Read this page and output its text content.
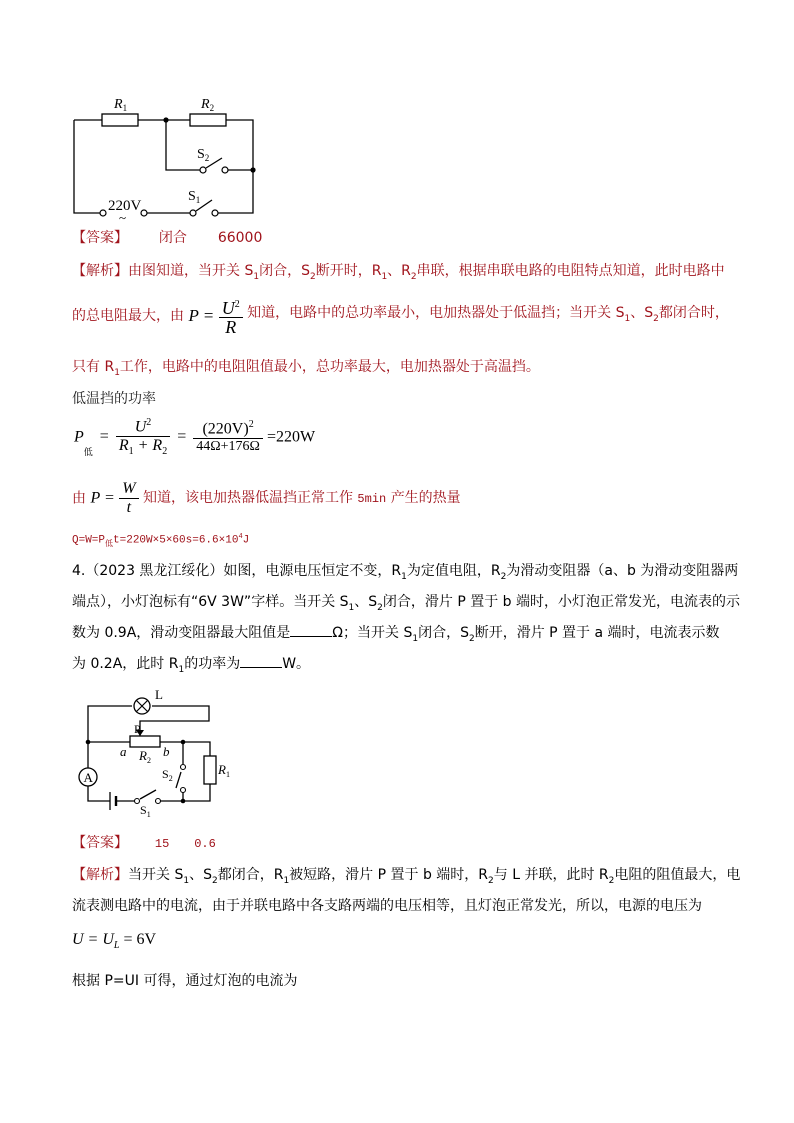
$R_1$	$R_2$
$S_2$
$S_1$
220V
~
【答案】 闭合 66000
【解析】由图知道，当开关 $S_1$闭合，$S_2$断开时，$R_1$、$R_2$串联，根据串联电路的电阻特点知道，此时电路中
的总电阻最大，由 $P = \frac{U^2}{R}$ 知道，电路中的总功率最小，电加热器处于低温挡；当开关 $S_1$、$S_2$都闭合时，
只有 $R_1$工作，电路中的电阻阻值最小，总功率最大，电加热器处于高温挡。
低温挡的功率
$P_低 = \frac{U^2}{R_1 + R_2} = \frac{(220V)^2}{44\Omega+176\Omega} =220W$
由 $P = \frac{W}{t}$ 知道，该电加热器低温挡正常工作 5min 产生的热量
$Q=W=P_低t=220W\times 5\times 60s=6.6\times 10^4J$
4.（2023 黑龙江绥化）如图，电源电压恒定不变，$R_1$为定值电阻，$R_2$为滑动变阻器（a、b 为滑动变阻器两
端点），小灯泡标有“6V 3W”字样。当开关 $S_1$、$S_2$闭合，滑片 P 置于 b 端时，小灯泡正常发光，电流表的示
数为 0.9A，滑动变阻器最大阻值是	Ω；当开关 $S_1$闭合，$S_2$断开，滑片 P 置于 a 端时，电流表示数
为 0.2A，此时 $R_1$的功率为	W。
A
L
P
a	b
$R_2$
$R_1$
$S_2$
$S_1$
【答案】 15 0.6
【解析】当开关 $S_1$、$S_2$都闭合，$R_1$被短路，滑片 P 置于 b 端时，$R_2$与 L 并联，此时 $R_2$电阻的阻值最大，电
流表测电路中的电流，由于并联电路中各支路两端的电压相等，且灯泡正常发光，所以，电源的电压为
$U = U_L = 6V$
根据 P=UI 可得，通过灯泡的电流为
